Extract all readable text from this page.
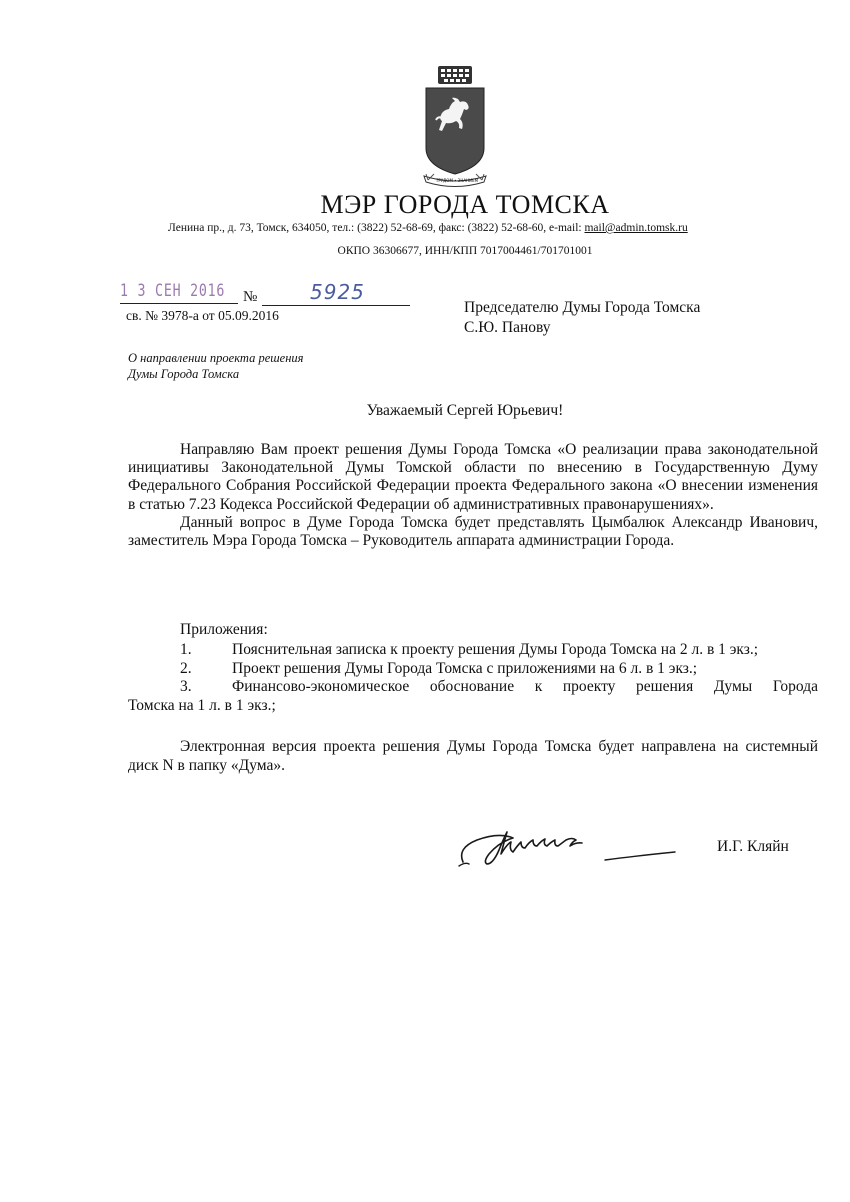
ТРУДОМ • ЗНАНИЕМ
МЭР ГОРОДА ТОМСКА
Ленина пр., д. 73, Томск, 634050, тел.: (3822) 52-68-69, факс: (3822) 52-68-60, e-mail: mail@admin.tomsk.ru
ОКПО 36306677, ИНН/КПП 7017004461/701701001
1 3 СЕН 2016 №	5925
св. № 3978-а от 05.09.2016	Председателю Думы Города Томска
С.Ю. Панову
О направлении проекта решения
Думы Города Томска
Уважаемый Сергей Юрьевич!

Направляю Вам проект решения Думы Города Томска «О реализации права законодательной инициативы Законодательной Думы Томской области по внесению в Государственную Думу Федерального Собрания Российской Федерации проекта Федерального закона «О внесении изменения в статью 7.23 Кодекса Российской Федерации об административных правонарушениях».

Данный вопрос в Думе Города Томска будет представлять Цымбалюк Александр Иванович, заместитель Мэра Города Томска – Руководитель аппарата администрации Города.

Приложения:
1.	Пояснительная записка к проекту решения Думы Города Томска на 2 л. в 1 экз.;
2.	Проект решения Думы Города Томска с приложениями на 6 л. в 1 экз.;
3.	Финансово-экономическое обоснование к проекту решения Думы Города
Томска на 1 л. в 1 экз.;

Электронная версия проекта решения Думы Города Томска будет направлена на системный диск N в папку «Дума».

И.Г. Кляйн
